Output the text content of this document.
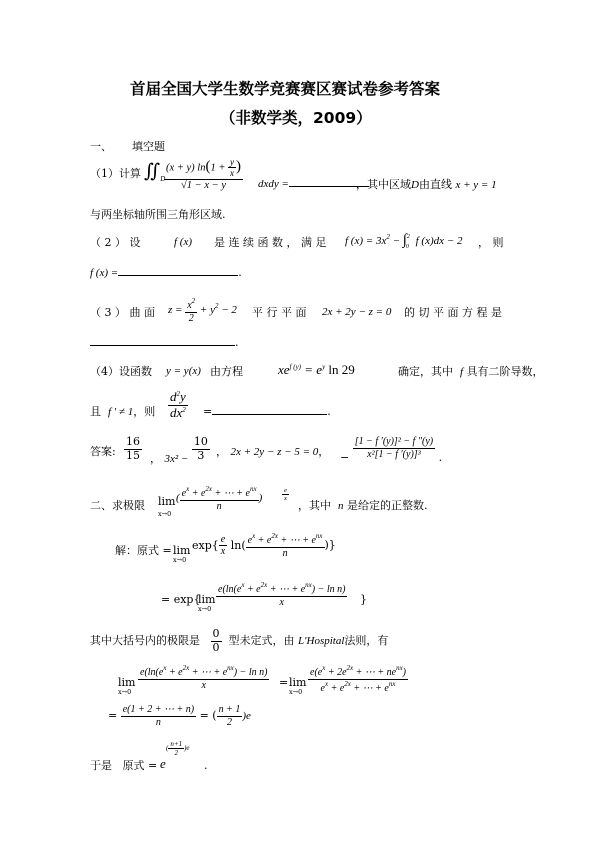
首届全国大学生数学竞赛赛区赛试卷参考答案
（非数学类，2009）
一、 填空题
（1）计算 $∬_D$
$\frac{(x + y) \ln(1 + \frac{y}{x} )}{√1 - x - y}$ dxdy =	，其中区域D由直线 x + y = 1
与两坐标轴所围三角形区域.
（ 2 ） 设	f (x) 是 连 续 函 数 ， 满 足 f $(x) = 3x^2 - \int^2_0$ f (x)dx − 2 ， 则
f (x) =	.
（ 3 ） 曲 面 $z = \frac{x^2}{2} + y^2 - 2$ 平 行 平 面 2x + 2y − z = 0 的 切 平 面 方 程 是
.
（4）设函数 y = y(x) 由方程	$xe^{f (y)} = e^y$ ln 29	确定，其中 f 具有二阶导数，
且 f ′ ≠ 1，则 $\frac{d^2y}{dx^2}$ =	.
答案: $\frac{16}{15}$ ， $3x^2 - \frac{10}{3}$ ， 2x + 2y − z − 5 = 0， − $\frac{\text{[1 − f ′(y)]² − f ″(y)}}{\text{x²[1 − f ′(y)]³}}$ .
二、求极限 lim
x→0
( $\frac{e^x + e^{2x} + \cdots + e^{nx}}{n}$ )	$\frac{e}{x}$
，其中 n 是给定的正整数.
解：原式 = lim
x→0
$\exp\{ \frac{e}{x} \ln( \frac{e^x + e^{2x} + \cdots + e^{nx}}{n}$ )}
= exp{
lim
x→0
$\frac{e(\ln(e^x + e^{2x} + \cdots + e^{nx}) - \ln n)}{x}$ }
其中大括号内的极限是 $\frac{0}{0}$ 型未定式，由 L′Hospital法则，有
lim
x→0
$\frac{e(\ln(e^x + e^{2x} + \cdots + e^{nx}) - \ln n)}{x} = \lim$
$x\to 0 \frac{e(e^x + 2e^{2x} + \cdots + ne^{nx})}{e^x + e^{2x} + \cdots + e^{nx}}$
= $\frac{e(1 + 2 + \cdots + n)}{n}$ = ( $\frac{n + 1}{2} )e$
于是 原式 = e
( $\frac{n+1}{2} )e$
.
